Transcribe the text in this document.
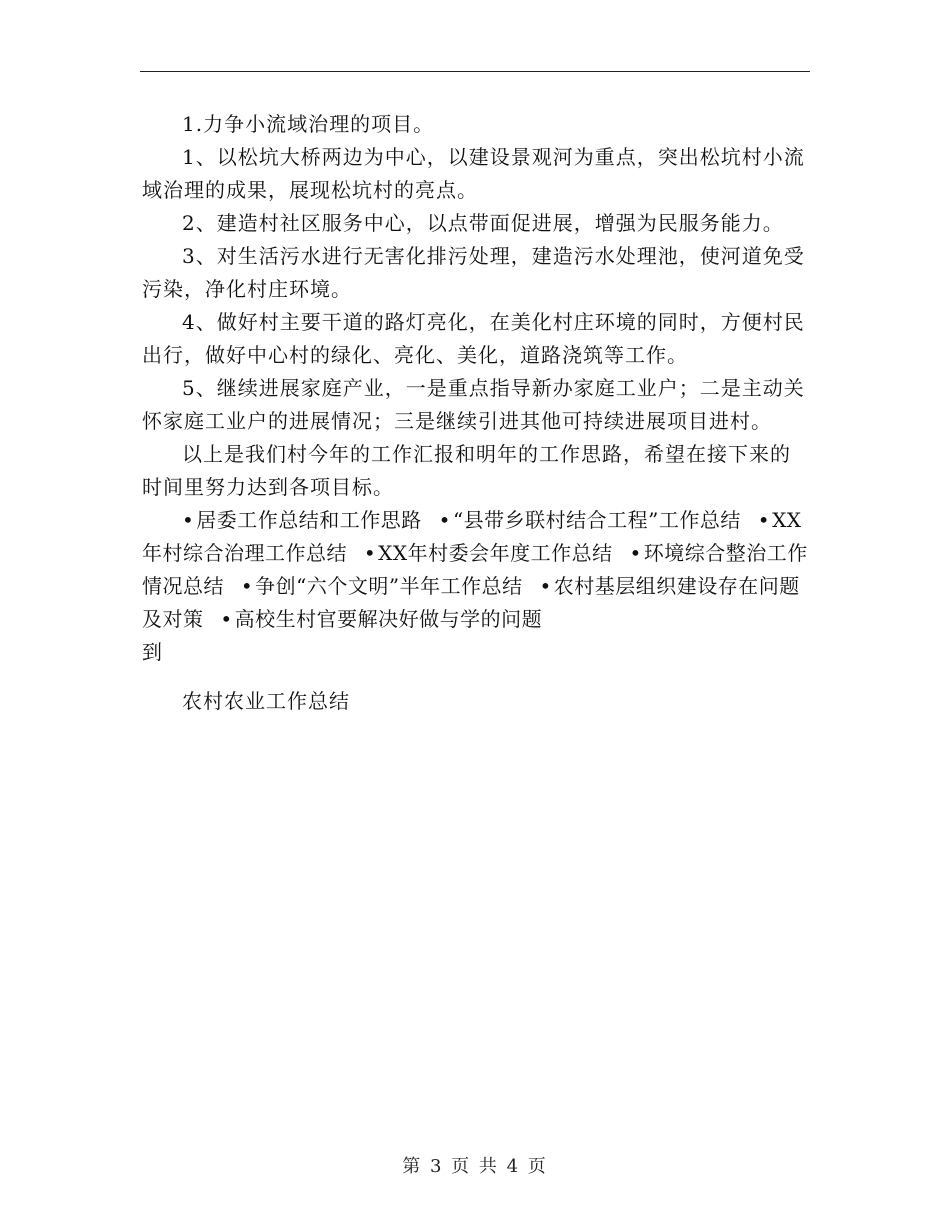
1.力争小流域治理的项目。

1、以松坑大桥两边为中心，以建设景观河为重点，突出松坑村小流域治理的成果，展现松坑村的亮点。

2、建造村社区服务中心，以点带面促进展，增强为民服务能力。

3、对生活污水进行无害化排污处理，建造污水处理池，使河道免受污染，净化村庄环境。

4、做好村主要干道的路灯亮化，在美化村庄环境的同时，方便村民出行，做好中心村的绿化、亮化、美化，道路浇筑等工作。

5、继续进展家庭产业，一是重点指导新办家庭工业户；二是主动关怀家庭工业户的进展情况；三是继续引进其他可持续进展项目进村。

以上是我们村今年的工作汇报和明年的工作思路，希望在接下来的时间里努力达到各项目标。

• 居委工作总结和工作思路 • “县带乡联村结合工程”工作总结 • XX年村综合治理工作总结 • XX年村委会年度工作总结 • 环境综合整治工作情况总结 • 争创“六个文明”半年工作总结 • 农村基层组织建设存在问题及对策 • 高校生村官要解决好做与学的问题

到

农村农业工作总结

第 3 页 共 4 页
